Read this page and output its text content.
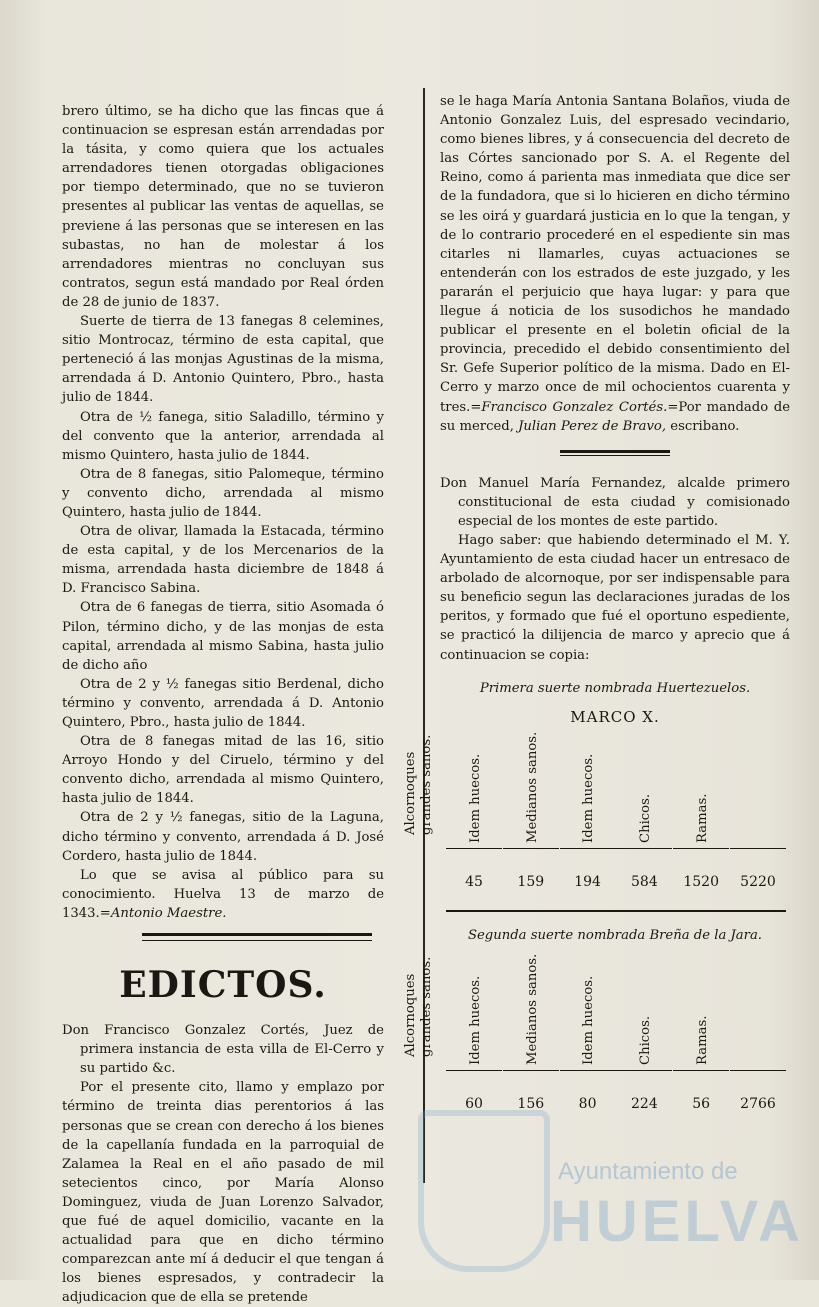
brero último, se ha dicho que las fincas que á continuacion se espresan están arrendadas por la tásita, y como quiera que los actuales arrendadores tienen otorgadas obligaciones por tiempo determinado, que no se tuvieron presentes al publicar las ventas de aquellas, se previene á las personas que se interesen en las subastas, no han de molestar á los arrendadores mientras no concluyan sus contratos, segun está mandado por Real órden de 28 de junio de 1837.

Suerte de tierra de 13 fanegas 8 celemines, sitio Montrocaz, término de esta capital, que perteneció á las monjas Agustinas de la misma, arrendada á D. Antonio Quintero, Pbro., hasta julio de 1844.

Otra de ½ fanega, sitio Saladillo, término y del convento que la anterior, arrendada al mismo Quintero, hasta julio de 1844.

Otra de 8 fanegas, sitio Palomeque, término y convento dicho, arrendada al mismo Quintero, hasta julio de 1844.

Otra de olivar, llamada la Estacada, término de esta capital, y de los Mercenarios de la misma, arrendada hasta diciembre de 1848 á D. Francisco Sabina.

Otra de 6 fanegas de tierra, sitio Asomada ó Pilon, término dicho, y de las monjas de esta capital, arrendada al mismo Sabina, hasta julio de dicho año

Otra de 2 y ½ fanegas sitio Berdenal, dicho término y convento, arrendada á D. Antonio Quintero, Pbro., hasta julio de 1844.

Otra de 8 fanegas mitad de las 16, sitio Arroyo Hondo y del Ciruelo, término y del convento dicho, arrendada al mismo Quintero, hasta julio de 1844.

Otra de 2 y ½ fanegas, sitio de la Laguna, dicho término y convento, arrendada á D. José Cordero, hasta julio de 1844.

Lo que se avisa al público para su conocimiento. Huelva 13 de marzo de 1343.=Antonio Maestre.

EDICTOS.

Don Francisco Gonzalez Cortés, Juez de primera instancia de esta villa de El-Cerro y su partido &c.

Por el presente cito, llamo y emplazo por término de treinta dias perentorios á las personas que se crean con derecho á los bienes de la capellanía fundada en la parroquial de Zalamea la Real en el año pasado de mil setecientos cinco, por María Alonso Dominguez, viuda de Juan Lorenzo Salvador, que fué de aquel domicilio, vacante en la actualidad para que en dicho término comparezcan ante mí á deducir el que tengan á los bienes espresados, y contradecir la adjudicacion que de ella se pretende

se le haga María Antonia Santana Bolaños, viuda de Antonio Gonzalez Luis, del espresado vecindario, como bienes libres, y á consecuencia del decreto de las Córtes sancionado por S. A. el Regente del Reino, como á parienta mas inmediata que dice ser de la fundadora, que si lo hicieren en dicho término se les oirá y guardará justicia en lo que la tengan, y de lo contrario procederé en el espediente sin mas citarles ni llamarles, cuyas actuaciones se entenderán con los estrados de este juzgado, y les pararán el perjuicio que haya lugar: y para que llegue á noticia de los susodichos he mandado publicar el presente en el boletin oficial de la provincia, precedido el debido consentimiento del Sr. Gefe Superior político de la misma. Dado en El-Cerro y marzo once de mil ochocientos cuarenta y tres.=Francisco Gonzalez Cortés.=Por mandado de su merced, Julian Perez de Bravo, escribano.

Don Manuel María Fernandez, alcalde primero constitucional de esta ciudad y comisionado especial de los montes de este partido.

Hago saber: que habiendo determinado el M. Y. Ayuntamiento de esta ciudad hacer un entresaco de arbolado de alcornoque, por ser indispensable para su beneficio segun las declaraciones juradas de los peritos, y formado que fué el oportuno espediente, se practicó la dilijencia de marco y aprecio que á continuacion se copia:

Primera suerte nombrada Huertezuelos.

MARCO X.

Alcornoques
grandes sanos.
45
Idem huecos.
159
Medianos sanos.
194
Idem huecos.
584
Chicos.
1520
Ramas.
5220

Segunda suerte nombrada Breña de la Jara.

Alcornoques
grandes sanos.
60
Idem huecos.
156
Medianos sanos.
80
Idem huecos.
224
Chicos.
56
Ramas.
2766
Ayuntamiento de
HUELVA
